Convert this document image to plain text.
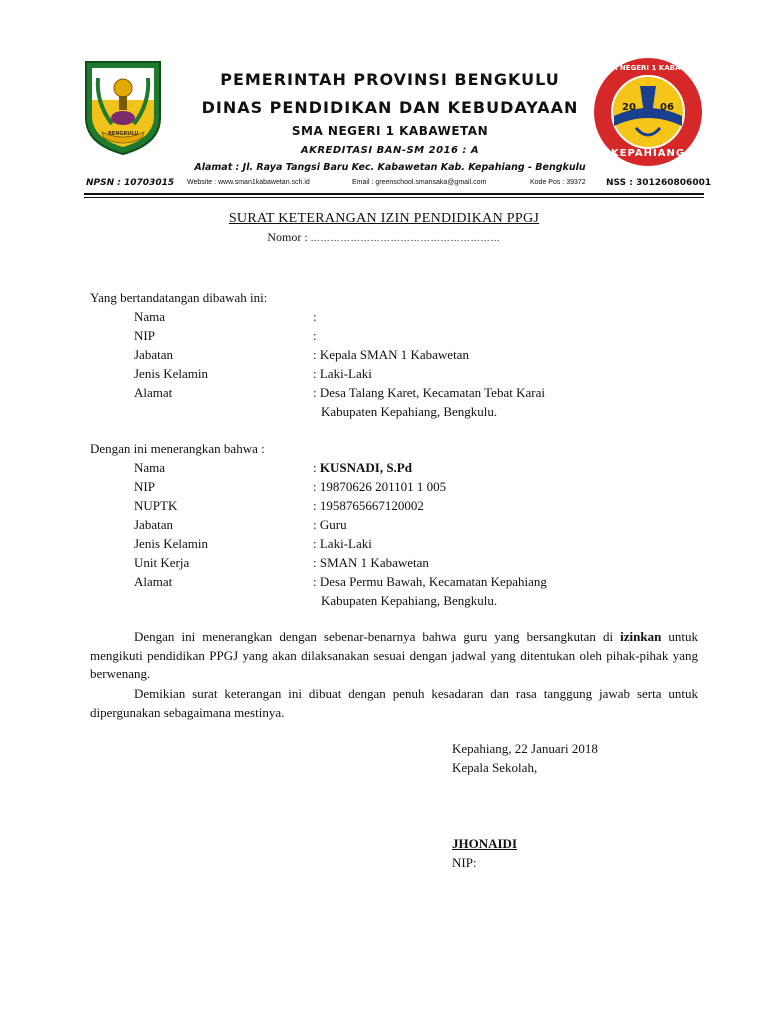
BENGKULU
SMA NEGERI 1 KABAWETAN
20 06
KEPAHIANG
PEMERINTAH PROVINSI BENGKULU
DINAS PENDIDIKAN DAN KEBUDAYAAN
SMA NEGERI 1 KABAWETAN
AKREDITASI BAN-SM 2016 : A
Alamat : Jl. Raya Tangsi Baru Kec. Kabawetan Kab. Kepahiang - Bengkulu
NPSN : 10703015 Website : www.sman1kabawetan.sch.id	Email : greenschool.smansaka@gmail.com	Kode Pos : 39372 NSS : 301260806001
SURAT KETERANGAN IZIN PENDIDIKAN PPGJ
Nomor : …………………………………………………
Yang bertandatangan dibawah ini:
Nama	:
NIP	:
Jabatan	: Kepala SMAN 1 Kabawetan
Jenis Kelamin	: Laki-Laki
Alamat	: Desa Talang Karet, Kecamatan Tebat Karai
Kabupaten Kepahiang, Bengkulu.
Dengan ini menerangkan bahwa :
Nama	: KUSNADI, S.Pd
NIP	: 19870626 201101 1 005
NUPTK	: 1958765667120002
Jabatan	: Guru
Jenis Kelamin	: Laki-Laki
Unit Kerja	: SMAN 1 Kabawetan
Alamat	: Desa Permu Bawah, Kecamatan Kepahiang
Kabupaten Kepahiang, Bengkulu.
Dengan ini menerangkan dengan sebenar-benarnya bahwa guru yang bersangkutan di izinkan untuk mengikuti pendidikan PPGJ yang akan dilaksanakan sesuai dengan jadwal yang ditentukan oleh pihak-pihak yang berwenang.
Demikian surat keterangan ini dibuat dengan penuh kesadaran dan rasa tanggung jawab serta untuk dipergunakan sebagaimana mestinya.
Kepahiang, 22 Januari 2018
Kepala Sekolah,
JHONAIDI
NIP:
